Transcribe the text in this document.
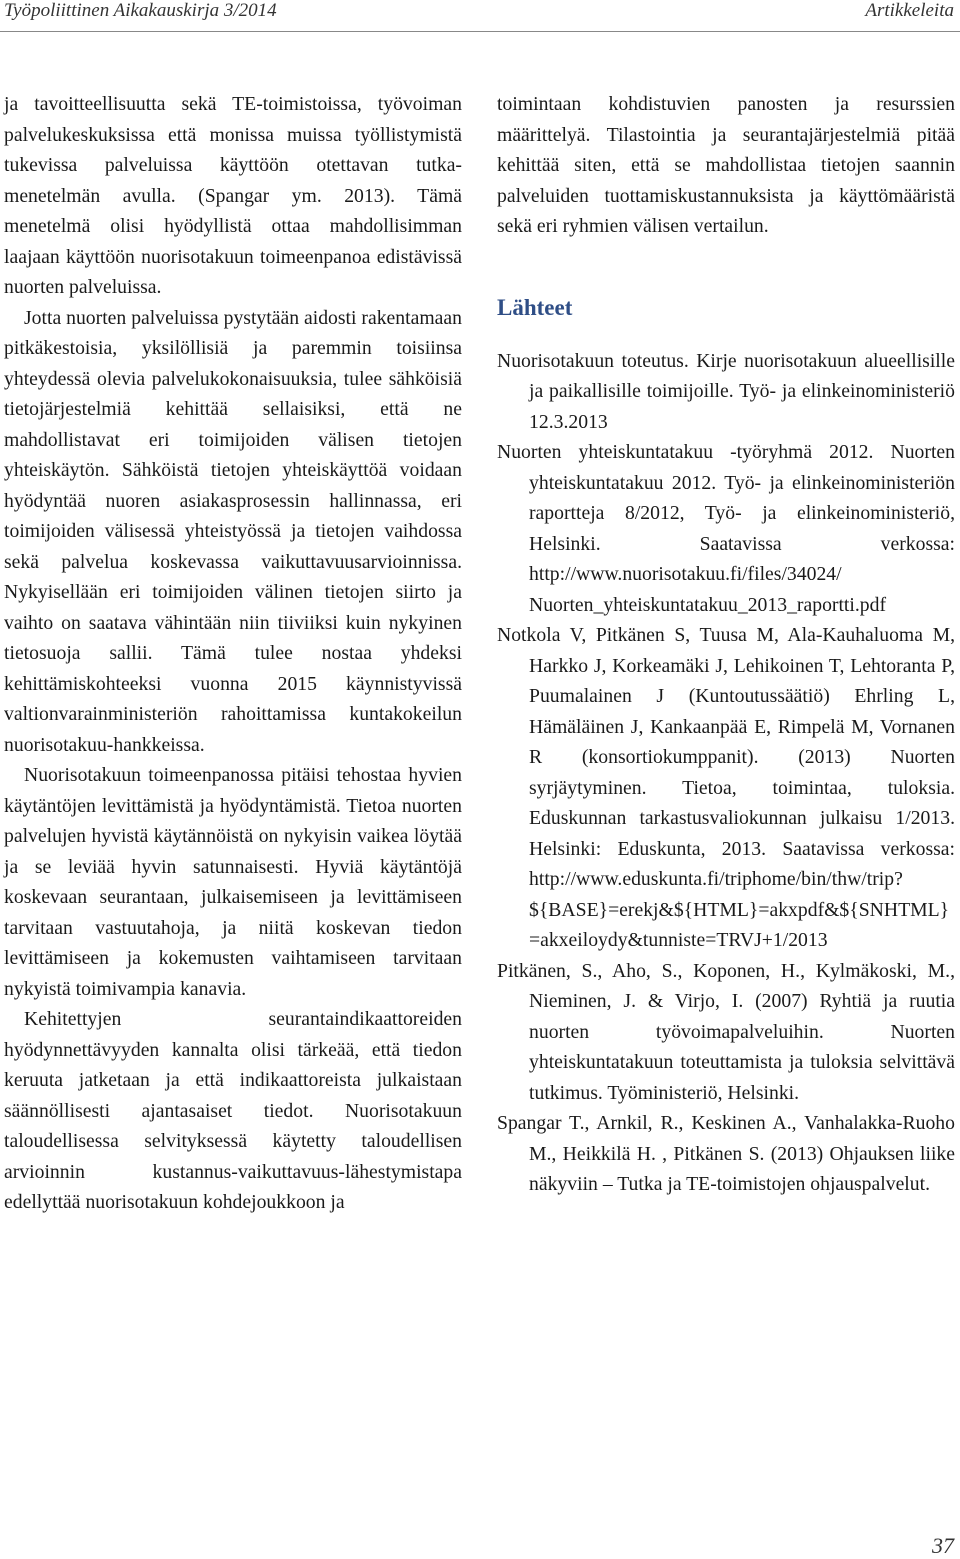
Työpoliittinen Aikakauskirja 3/2014	Artikkeleita

ja tavoitteellisuutta sekä TE-toimistoissa, työvoiman palvelukeskuksissa että monissa muissa työllistymistä tukevissa palveluissa käyttöön otettavan tutka-menetelmän avulla. (Spangar ym. 2013). Tämä menetelmä olisi hyödyllistä ottaa mahdollisimman laajaan käyttöön nuorisotakuun toimeenpanoa edistävissä nuorten palveluissa.

Jotta nuorten palveluissa pystytään aidosti rakentamaan pitkäkestoisia, yksilöllisiä ja paremmin toisiinsa yhteydessä olevia palvelukokonaisuuksia, tulee sähköisiä tietojärjestelmiä kehittää sellaisiksi, että ne mahdollistavat eri toimijoiden välisen tietojen yhteiskäytön. Sähköistä tietojen yhteiskäyttöä voidaan hyödyntää nuoren asiakasprosessin hallinnassa, eri toimijoiden välisessä yhteistyössä ja tietojen vaihdossa sekä palvelua koskevassa vaikuttavuusarvioinnissa. Nykyisellään eri toimijoiden välinen tietojen siirto ja vaihto on saatava vähintään niin tiiviiksi kuin nykyinen tietosuoja sallii. Tämä tulee nostaa yhdeksi kehittämiskohteeksi vuonna 2015 käynnistyvissä valtionvarainministeriön rahoittamissa kuntakokeilun nuorisotakuu-hankkeissa.

Nuorisotakuun toimeenpanossa pitäisi tehostaa hyvien käytäntöjen levittämistä ja hyödyntämistä. Tietoa nuorten palvelujen hyvistä käytännöistä on nykyisin vaikea löytää ja se leviää hyvin satunnaisesti. Hyviä käytäntöjä koskevaan seurantaan, julkaisemiseen ja levittämiseen tarvitaan vastuutahoja, ja niitä koskevan tiedon levittämiseen ja kokemusten vaihtamiseen tarvitaan nykyistä toimivampia kanavia.

Kehitettyjen seurantaindikaattoreiden hyödynnettävyyden kannalta olisi tärkeää, että tiedon keruuta jatketaan ja että indikaattoreista julkaistaan säännöllisesti ajantasaiset tiedot. Nuorisotakuun taloudellisessa selvityksessä käytetty taloudellisen arvioinnin kustannus-vaikuttavuus-lähestymistapa edellyttää nuorisotakuun kohdejoukkoon ja

toimintaan kohdistuvien panosten ja resurssien määrittelyä. Tilastointia ja seurantajärjestelmiä pitää kehittää siten, että se mahdollistaa tietojen saannin palveluiden tuottamiskustannuksista ja käyttömääristä sekä eri ryhmien välisen vertailun.

Lähteet

Nuorisotakuun toteutus. Kirje nuorisotakuun alueellisille ja paikallisille toimijoille. Työ- ja elinkeinoministeriö 12.3.2013

Nuorten yhteiskuntatakuu -työryhmä 2012. Nuorten yhteiskuntatakuu 2012. Työ- ja elinkeinoministeriön raportteja 8/2012, Työ- ja elinkeinoministeriö, Helsinki. Saatavissa verkossa: http://www.nuorisotakuu.fi/files/34024/ Nuorten_yhteiskuntatakuu_2013_raportti.pdf

Notkola V, Pitkänen S, Tuusa M, Ala-Kauhaluoma M, Harkko J, Korkeamäki J, Lehikoinen T, Lehtoranta P, Puumalainen J (Kuntoutussäätiö) Ehrling L, Hämäläinen J, Kankaanpää E, Rimpelä M, Vornanen R (konsortiokumppanit). (2013) Nuorten syrjäytyminen. Tietoa, toimintaa, tuloksia. Eduskunnan tarkastusvaliokunnan julkaisu 1/2013. Helsinki: Eduskunta, 2013. Saatavissa verkossa: http://www.eduskunta.fi/triphome/bin/thw/trip?${BASE}=erekj&${HTML}=akxpdf&${SNHTML}=akxeiloydy&tunniste=TRVJ+1/2013

Pitkänen, S., Aho, S., Koponen, H., Kylmäkoski, M., Nieminen, J. & Virjo, I. (2007) Ryhtiä ja ruutia nuorten työvoimapalveluihin. Nuorten yhteiskuntatakuun toteuttamista ja tuloksia selvittävä tutkimus. Työministeriö, Helsinki.

Spangar T., Arnkil, R., Keskinen A., Vanhalakka-Ruoho M., Heikkilä H. , Pitkänen S. (2013) Ohjauksen liike näkyviin – Tutka ja TE-toimistojen ohjauspalvelut.

37
